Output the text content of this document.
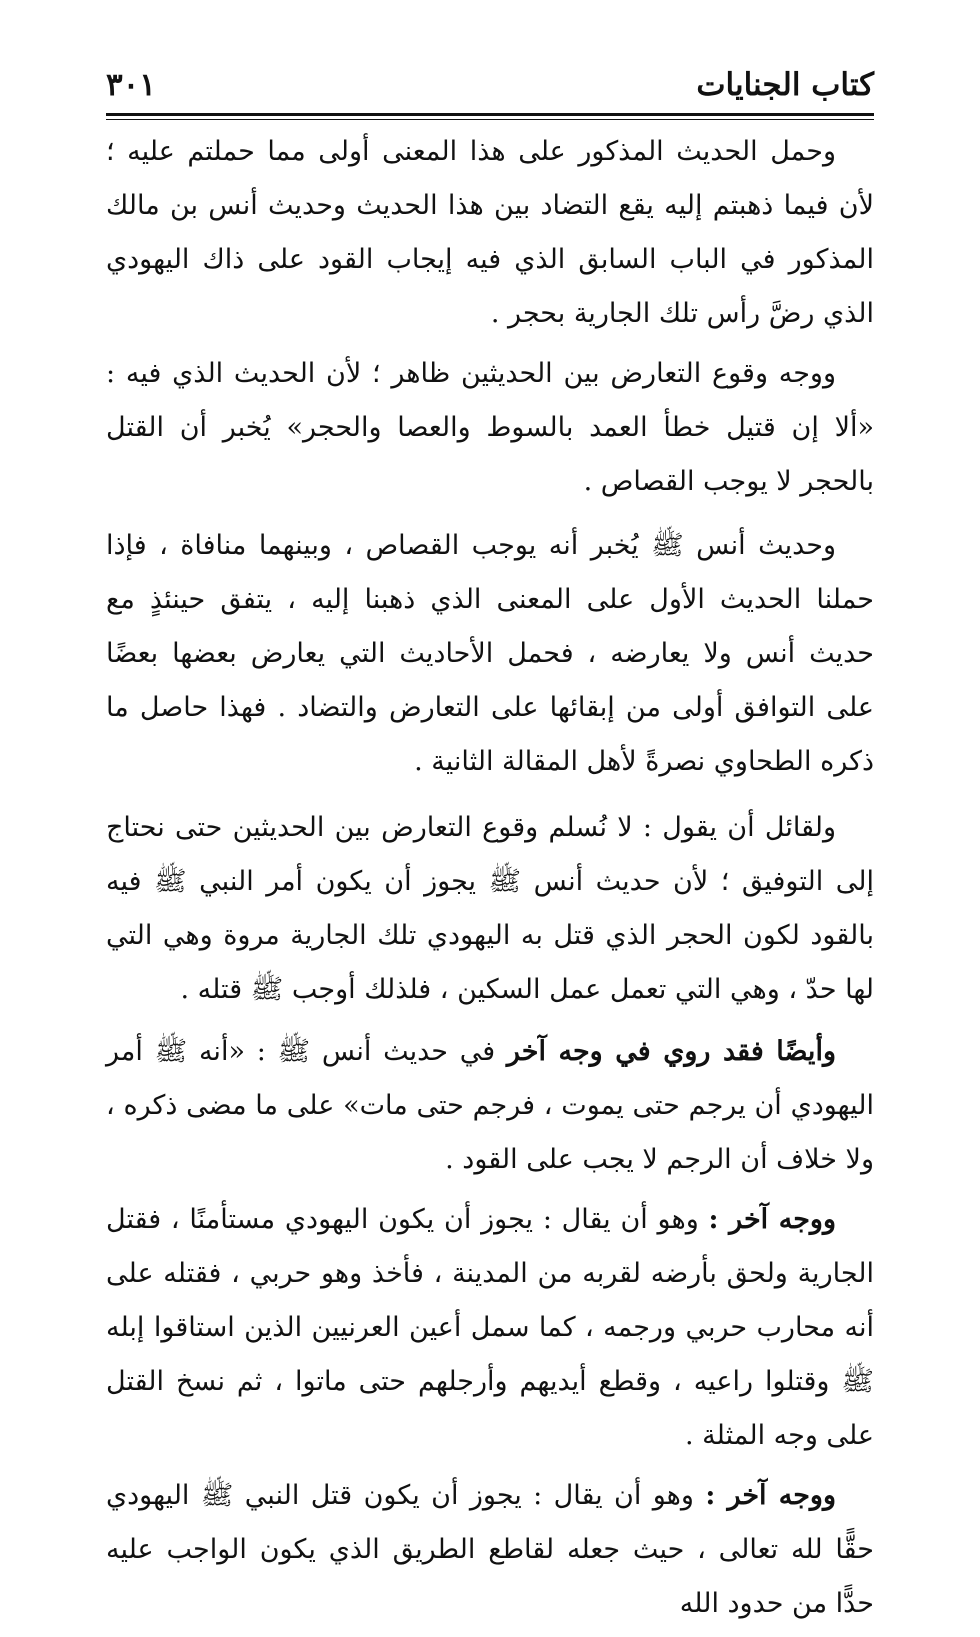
كتاب الجنايات
٣٠١

وحمل الحديث المذكور على هذا المعنى أولى مما حملتم عليه ؛ لأن فيما ذهبتم إليه يقع التضاد بين هذا الحديث وحديث أنس بن مالك المذكور في الباب السابق الذي فيه إيجاب القود على ذاك اليهودي الذي رضَّ رأس تلك الجارية بحجر .

ووجه وقوع التعارض بين الحديثين ظاهر ؛ لأن الحديث الذي فيه : «ألا إن قتيل خطأ العمد بالسوط والعصا والحجر» يُخبر أن القتل بالحجر لا يوجب القصاص .

وحديث أنس ﷺ يُخبر أنه يوجب القصاص ، وبينهما منافاة ، فإذا حملنا الحديث الأول على المعنى الذي ذهبنا إليه ، يتفق حينئذٍ مع حديث أنس ولا يعارضه ، فحمل الأحاديث التي يعارض بعضها بعضًا على التوافق أولى من إبقائها على التعارض والتضاد . فهذا حاصل ما ذكره الطحاوي نصرةً لأهل المقالة الثانية .

ولقائل أن يقول : لا نُسلم وقوع التعارض بين الحديثين حتى نحتاج إلى التوفيق ؛ لأن حديث أنس ﷺ يجوز أن يكون أمر النبي ﷺ فيه بالقود لكون الحجر الذي قتل به اليهودي تلك الجارية مروة وهي التي لها حدّ ، وهي التي تعمل عمل السكين ، فلذلك أوجب ﷺ قتله .

وأيضًا فقد روي في وجه آخر في حديث أنس ﷺ : «أنه ﷺ أمر اليهودي أن يرجم حتى يموت ، فرجم حتى مات» على ما مضى ذكره ، ولا خلاف أن الرجم لا يجب على القود .

ووجه آخر : وهو أن يقال : يجوز أن يكون اليهودي مستأمنًا ، فقتل الجارية ولحق بأرضه لقربه من المدينة ، فأخذ وهو حربي ، فقتله على أنه محارب حربي ورجمه ، كما سمل أعين العرنيين الذين استاقوا إبله ﷺ وقتلوا راعيه ، وقطع أيديهم وأرجلهم حتى ماتوا ، ثم نسخ القتل على وجه المثلة .

ووجه آخر : وهو أن يقال : يجوز أن يكون قتل النبي ﷺ اليهودي حقًّا لله تعالى ، حيث جعله لقاطع الطريق الذي يكون الواجب عليه حدًّا من حدود الله
